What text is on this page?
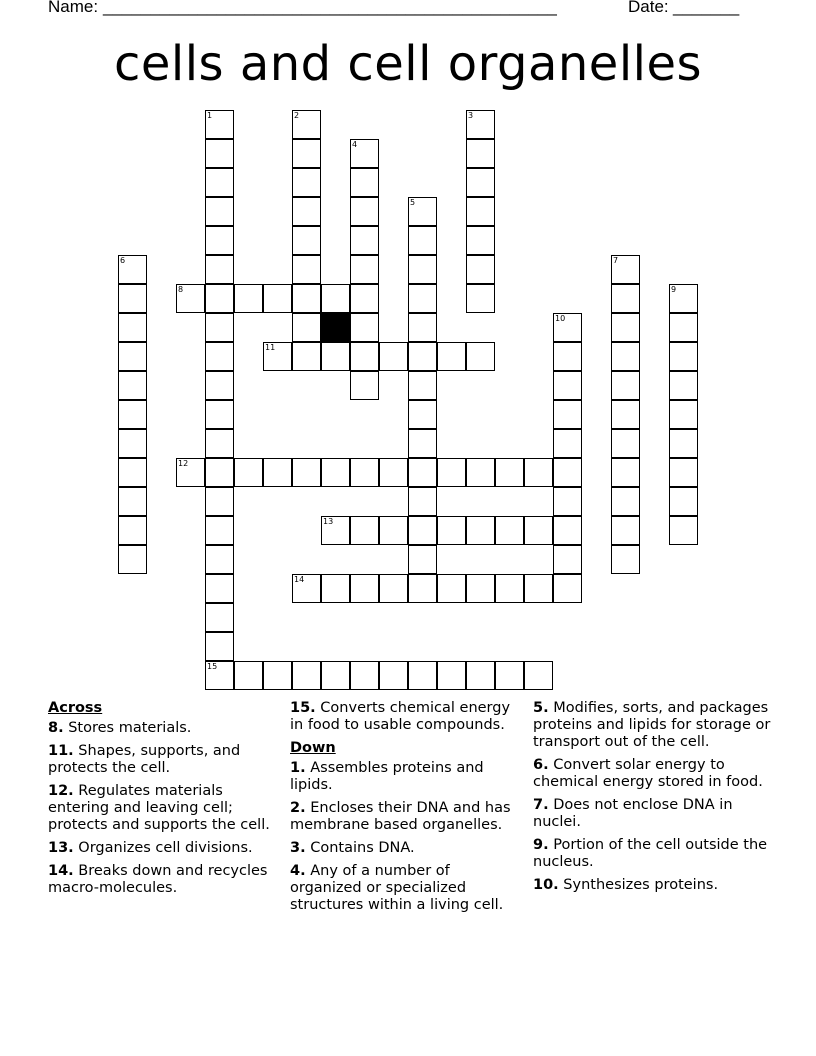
Name: ________________________________________________	Date: _______
cells and cell organelles
1	2	3
4
5
6	7
8	9
10
11
12
13
14
15
Across
8. Stores materials.
11. Shapes, supports, and protects the cell.
12. Regulates materials entering and leaving cell; protects and supports the cell.
13. Organizes cell divisions.
14. Breaks down and recycles macro-molecules.
15. Converts chemical energy in food to usable compounds.
Down
1. Assembles proteins and lipids.
2. Encloses their DNA and has membrane based organelles.
3. Contains DNA.
4. Any of a number of organized or specialized structures within a living cell.
5. Modifies, sorts, and packages proteins and lipids for storage or transport out of the cell.
6. Convert solar energy to chemical energy stored in food.
7. Does not enclose DNA in nuclei.
9. Portion of the cell outside the nucleus.
10. Synthesizes proteins.
